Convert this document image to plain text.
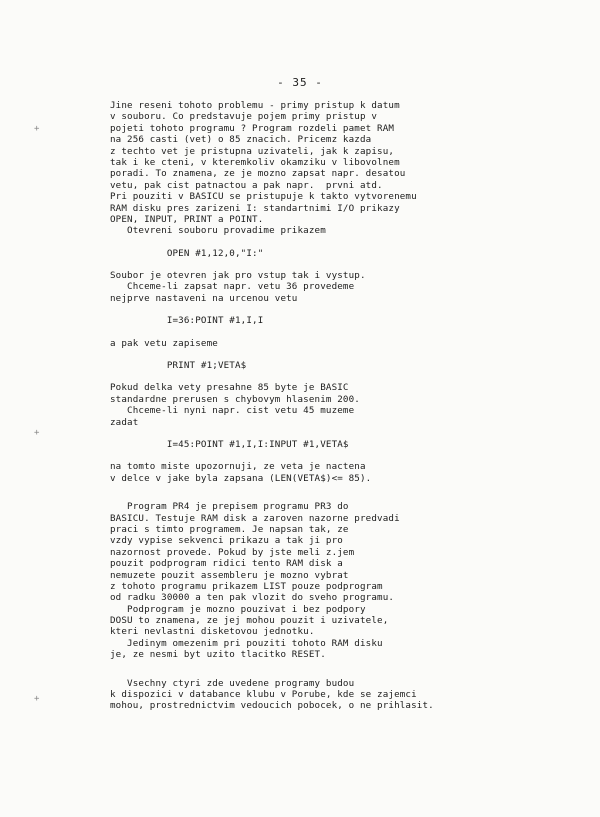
- 35 -
+
+
+
Jine reseni tohoto problemu - primy pristup k datum
v souboru. Co predstavuje pojem primy pristup v
pojeti tohoto programu ? Program rozdeli pamet RAM
na 256 casti (vet) o 85 znacich. Pricemz kazda
z techto vet je pristupna uzivateli, jak k zapisu,
tak i ke cteni, v kteremkoliv okamziku v libovolnem
poradi. To znamena, ze je mozno zapsat napr. desatou
vetu, pak cist patnactou a pak napr.  prvni atd.
Pri pouziti v BASICU se pristupuje k takto vytvorenemu
RAM disku pres zarizeni I: standartnimi I/O prikazy
OPEN, INPUT, PRINT a POINT.
Otevreni souboru provadime prikazem
OPEN #1,12,0,"I:"
Soubor je otevren jak pro vstup tak i vystup.
Chceme-li zapsat napr. vetu 36 provedeme
nejprve nastaveni na urcenou vetu
I=36:POINT #1,I,I
a pak vetu zapiseme
PRINT #1;VETA$
Pokud delka vety presahne 85 byte je BASIC
standardne prerusen s chybovym hlasenim 200.
Chceme-li nyni napr. cist vetu 45 muzeme
zadat
I=45:POINT #1,I,I:INPUT #1,VETA$
na tomto miste upozornuji, ze veta je nactena
v delce v jake byla zapsana (LEN(VETA$)<= 85).
Program PR4 je prepisem programu PR3 do
BASICU. Testuje RAM disk a zaroven nazorne predvadi
praci s timto programem. Je napsan tak, ze
vzdy vypise sekvenci prikazu a tak ji pro
nazornost provede. Pokud by jste meli z.jem
pouzit podprogram ridici tento RAM disk a
nemuzete pouzit assembleru je mozno vybrat
z tohoto programu prikazem LIST pouze podprogram
od radku 30000 a ten pak vlozit do sveho programu.
Podprogram je mozno pouzivat i bez podpory
DOSU to znamena, ze jej mohou pouzit i uzivatele,
kteri nevlastni disketovou jednotku.
Jedinym omezenim pri pouziti tohoto RAM disku
je, ze nesmi byt uzito tlacitko RESET.
Vsechny ctyri zde uvedene programy budou
k dispozici v databance klubu v Porube, kde se zajemci
mohou, prostrednictvim vedoucich pobocek, o ne prihlasit.
